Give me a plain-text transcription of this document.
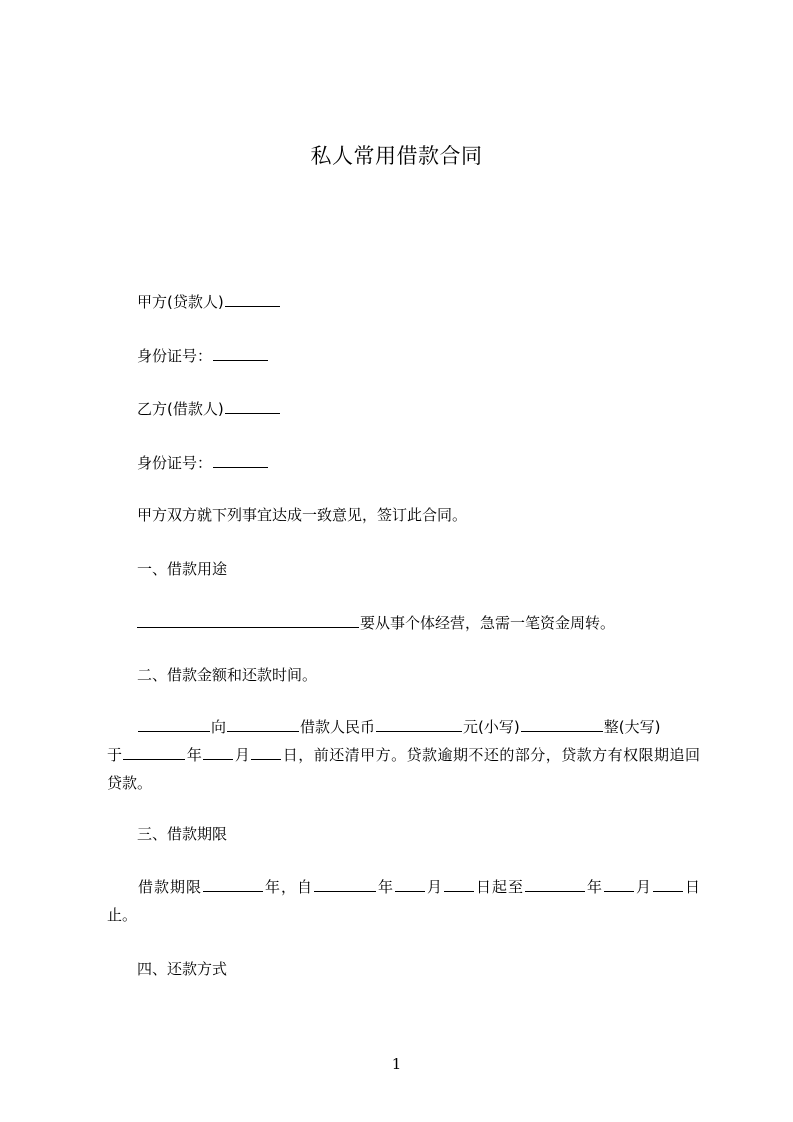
私人常用借款合同
甲方(贷款人)
身份证号：
乙方(借款人)
身份证号：
甲方双方就下列事宜达成一致意见，签订此合同。
一、借款用途
要从事个体经营，急需一笔资金周转。
二、借款金额和还款时间。
向	借款人民币	元(小写)	整(大写)
于	年 月 日，前还清甲方。贷款逾期不还的部分，贷款方有权限期追回贷款。
三、借款期限
借款期限	年，自	年 月 日起至	年 月 日止。
四、还款方式
1
